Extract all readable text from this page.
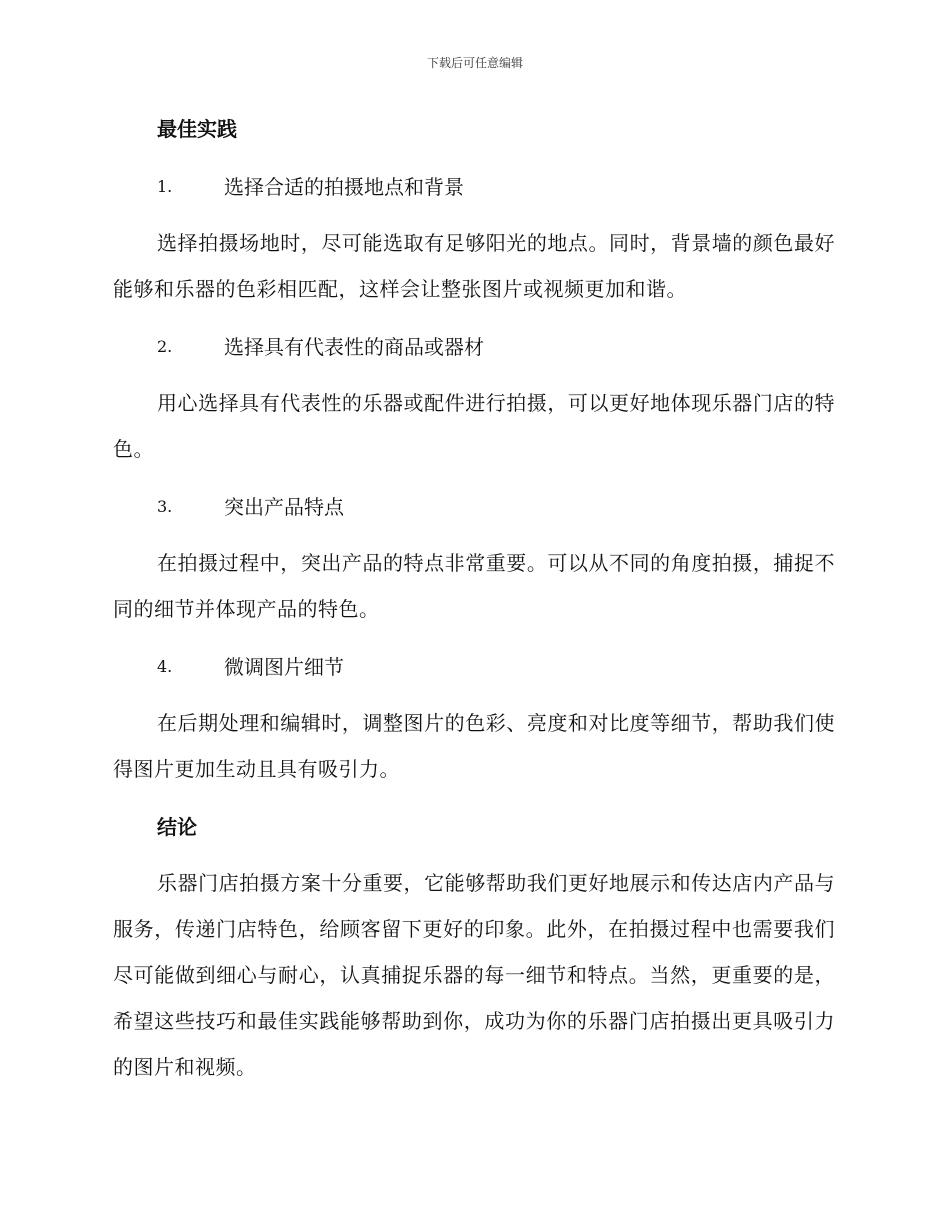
下载后可任意编辑
最佳实践
1.	选择合适的拍摄地点和背景

选择拍摄场地时，尽可能选取有足够阳光的地点。同时，背景墙的颜色最好能够和乐器的色彩相匹配，这样会让整张图片或视频更加和谐。

2.	选择具有代表性的商品或器材

用心选择具有代表性的乐器或配件进行拍摄，可以更好地体现乐器门店的特色。

3.	突出产品特点

在拍摄过程中，突出产品的特点非常重要。可以从不同的角度拍摄，捕捉不同的细节并体现产品的特色。

4.	微调图片细节

在后期处理和编辑时，调整图片的色彩、亮度和对比度等细节，帮助我们使得图片更加生动且具有吸引力。

结论

乐器门店拍摄方案十分重要，它能够帮助我们更好地展示和传达店内产品与服务，传递门店特色，给顾客留下更好的印象。此外，在拍摄过程中也需要我们尽可能做到细心与耐心，认真捕捉乐器的每一细节和特点。当然，更重要的是，希望这些技巧和最佳实践能够帮助到你，成功为你的乐器门店拍摄出更具吸引力的图片和视频。
